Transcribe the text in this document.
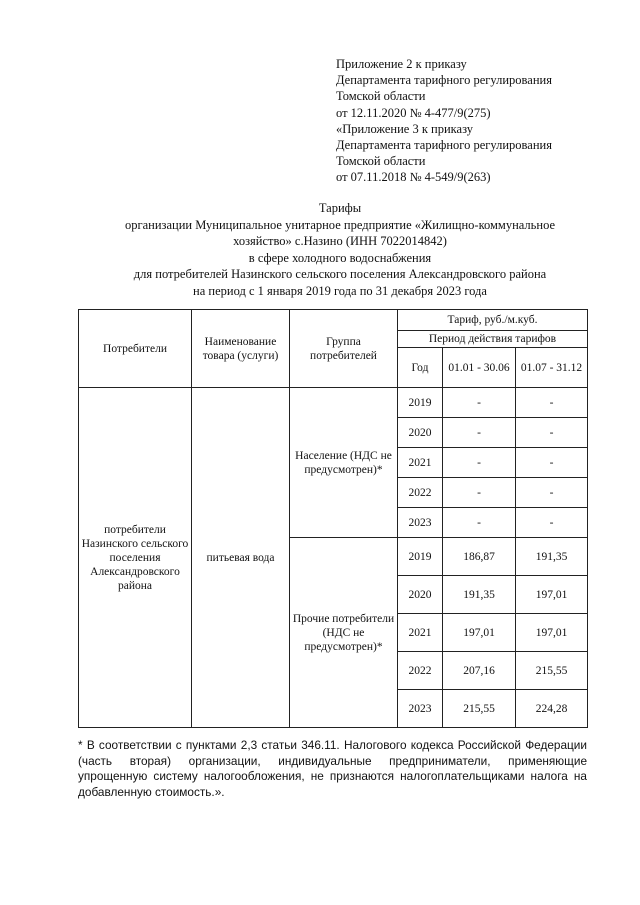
Приложение 2 к приказу
Департамента тарифного регулирования
Томской области
от 12.11.2020 № 4-477/9(275)
«Приложение 3 к приказу
Департамента тарифного регулирования
Томской области
от 07.11.2018 № 4-549/9(263)
Тарифы
организации Муниципальное унитарное предприятие «Жилищно-коммунальное
хозяйство» с.Назино (ИНН 7022014842)
в сфере холодного водоснабжения
для потребителей Назинского сельского поселения Александровского района
на период с 1 января 2019 года по 31 декабря 2023 года
Потребители	Наименование товара (услуги)	Группа потребителей	Тариф, руб./м.куб.		
			Период действия тарифов		
			Год	01.01 - 30.06	01.07 - 31.12
потребители Назинского сельского поселения Александровского района	питьевая вода	Население (НДС не предусмотрен)*	2019	-	-
			2020	-	-
			2021	-	-
			2022	-	-
			2023	-	-
		Прочие потребители (НДС не предусмотрен)*	2019	186,87	191,35
			2020	191,35	197,01
			2021	197,01	197,01
			2022	207,16	215,55
			2023	215,55	224,28
* В соответствии с пунктами 2,3 статьи 346.11. Налогового кодекса Российской Федерации (часть вторая) организации, индивидуальные предприниматели, применяющие упрощенную систему налогообложения, не признаются налогоплательщиками налога на добавленную стоимость.».
